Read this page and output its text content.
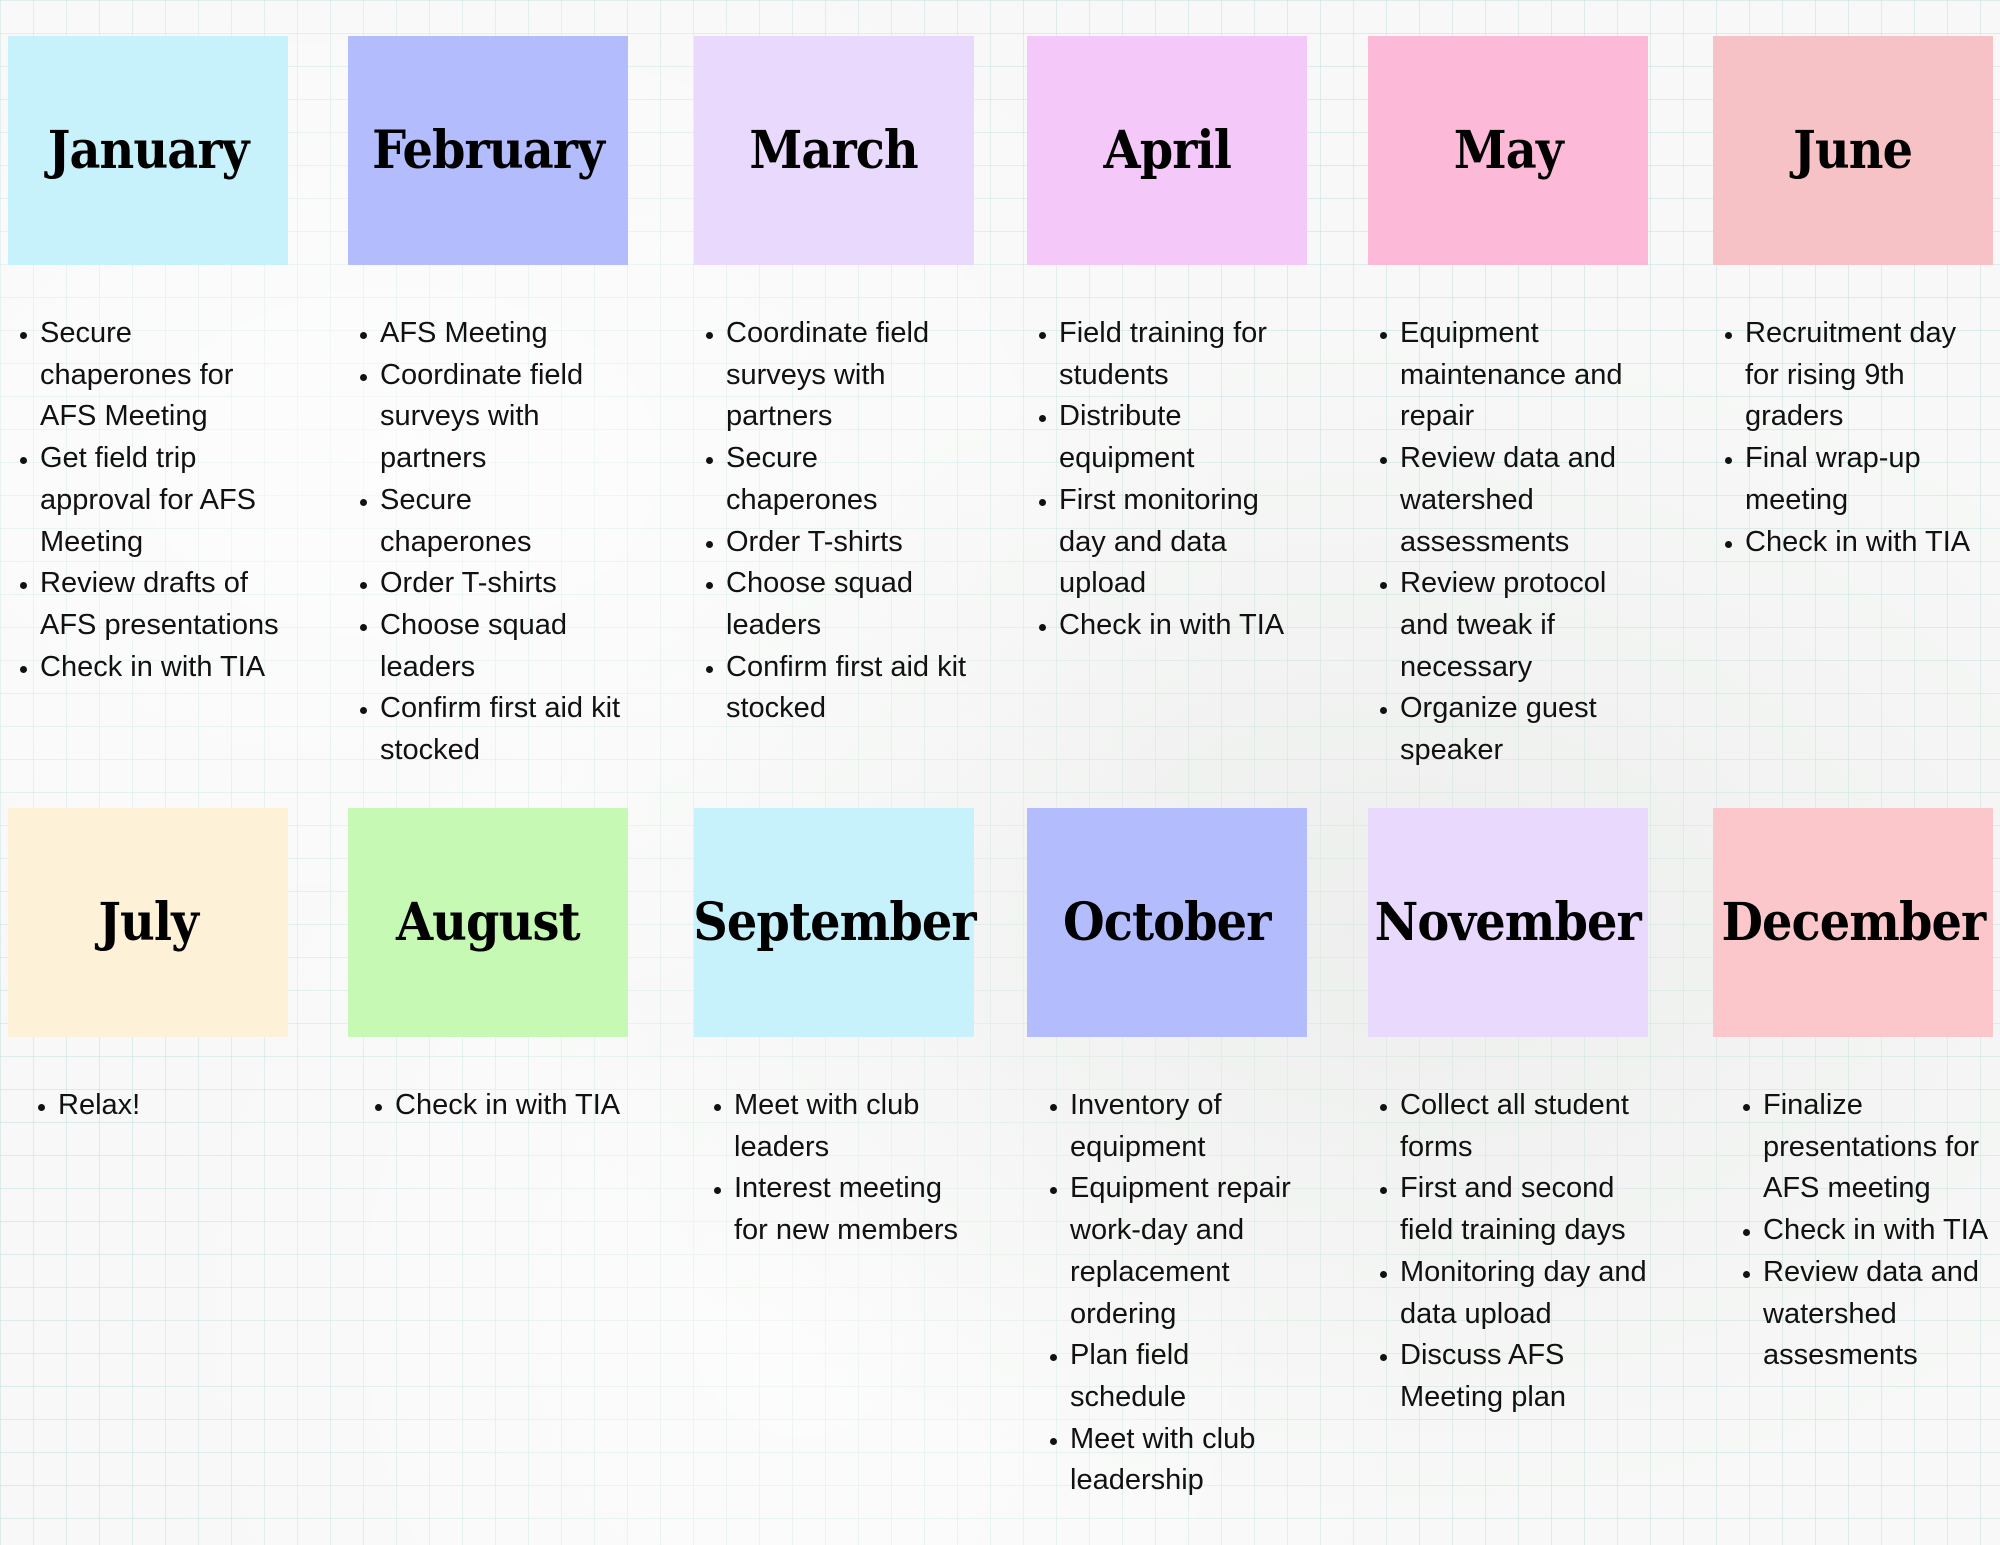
January
• Secure chaperones for AFS Meeting
• Get field trip approval for AFS Meeting
• Review drafts of AFS presentations
• Check in with TIA
February
• AFS Meeting
• Coordinate field surveys with partners
• Secure chaperones
• Order T-shirts
• Choose squad leaders
• Confirm first aid kit stocked
March
• Coordinate field surveys with partners
• Secure chaperones
• Order T-shirts
• Choose squad leaders
• Confirm first aid kit stocked
April
• Field training for students
• Distribute equipment
• First monitoring day and data upload
• Check in with TIA
May
• Equipment maintenance and repair
• Review data and watershed assessments
• Review protocol and tweak if necessary
• Organize guest speaker
June
• Recruitment day for rising 9th graders
• Final wrap-up meeting
• Check in with TIA
July
• Relax!
August
• Check in with TIA
September
• Meet with club leaders
• Interest meeting for new members
October
• Inventory of equipment
• Equipment repair work-day and replacement ordering
• Plan field schedule
• Meet with club leadership
November
• Collect all student forms
• First and second field training days
• Monitoring day and data upload
• Discuss AFS Meeting plan
December
• Finalize presentations for AFS meeting
• Check in with TIA
• Review data and watershed assesments
